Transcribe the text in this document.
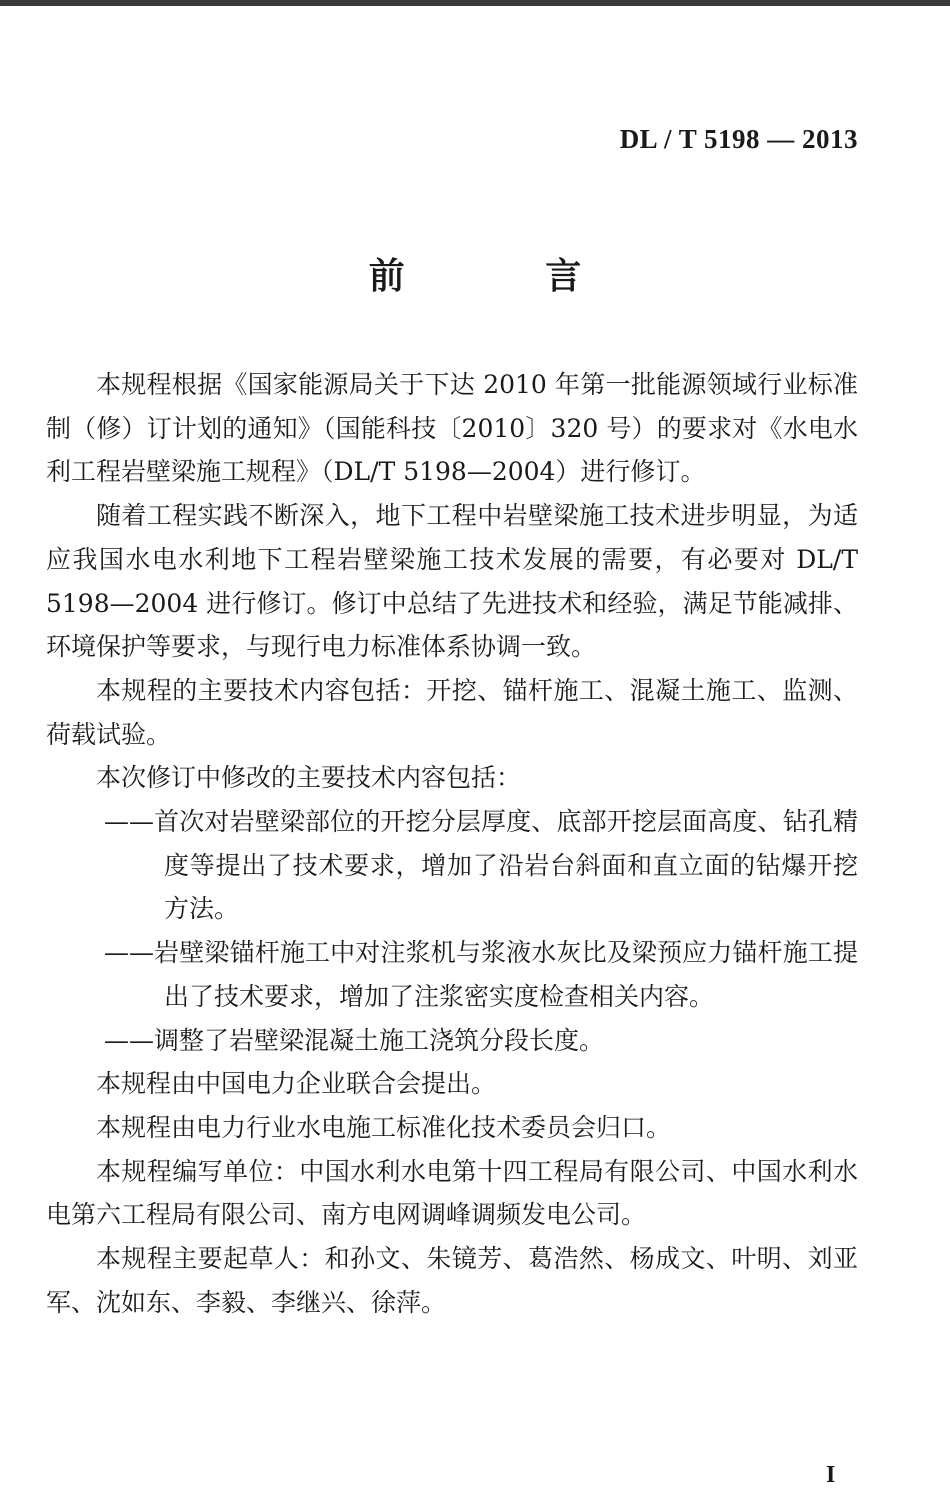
DL / T 5198 — 2013
前 言

本规程根据《国家能源局关于下达 2010 年第一批能源领域行业标准制（修）订计划的通知》（国能科技〔2010〕320 号）的要求对《水电水利工程岩壁梁施工规程》（DL/T 5198—2004）进行修订。

随着工程实践不断深入，地下工程中岩壁梁施工技术进步明显，为适应我国水电水利地下工程岩壁梁施工技术发展的需要，有必要对 DL/T 5198—2004 进行修订。修订中总结了先进技术和经验，满足节能减排、环境保护等要求，与现行电力标准体系协调一致。

本规程的主要技术内容包括：开挖、锚杆施工、混凝土施工、监测、荷载试验。

本次修订中修改的主要技术内容包括：

——首次对岩壁梁部位的开挖分层厚度、底部开挖层面高度、钻孔精度等提出了技术要求，增加了沿岩台斜面和直立面的钻爆开挖方法。

——岩壁梁锚杆施工中对注浆机与浆液水灰比及梁预应力锚杆施工提出了技术要求，增加了注浆密实度检查相关内容。

——调整了岩壁梁混凝土施工浇筑分段长度。

本规程由中国电力企业联合会提出。

本规程由电力行业水电施工标准化技术委员会归口。

本规程编写单位：中国水利水电第十四工程局有限公司、中国水利水电第六工程局有限公司、南方电网调峰调频发电公司。

本规程主要起草人：和孙文、朱镜芳、葛浩然、杨成文、叶明、刘亚军、沈如东、李毅、李继兴、徐萍。

I
